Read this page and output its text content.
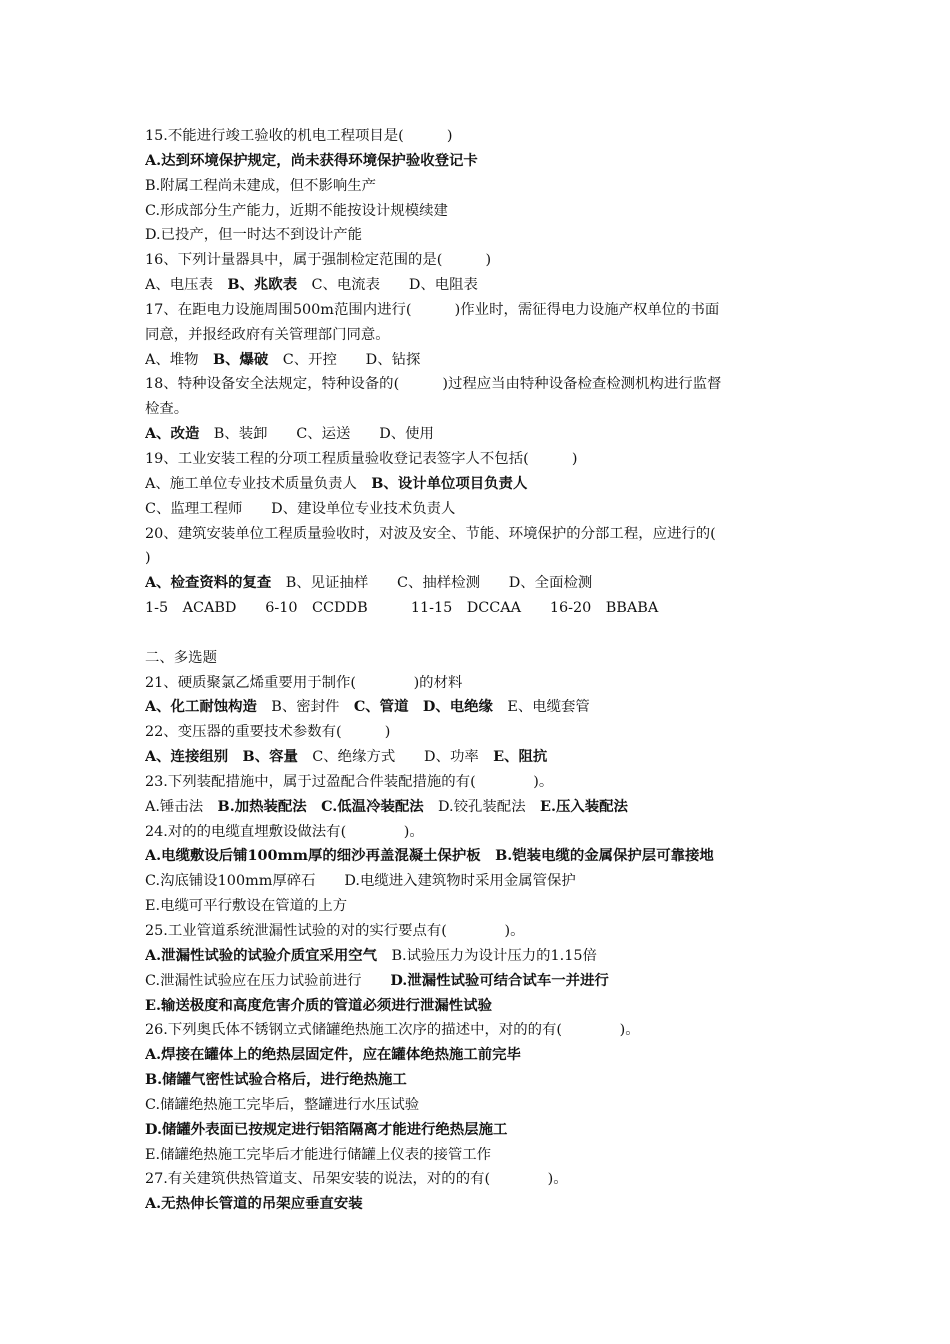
15.不能进行竣工验收的机电工程项目是(　　　)
A.达到环境保护规定，尚未获得环境保护验收登记卡
B.附属工程尚未建成，但不影响生产
C.形成部分生产能力，近期不能按设计规模续建
D.已投产，但一时达不到设计产能
16、下列计量器具中，属于强制检定范围的是(　　　)
A、电压表　B、兆欧表　C、电流表　　D、电阻表
17、在距电力设施周围500m范围内进行(　　　)作业时，需征得电力设施产权单位的书面
同意，并报经政府有关管理部门同意。
A、堆物　B、爆破　C、开控　　D、钻探
18、特种设备安全法规定，特种设备的(　　　)过程应当由特种设备检查检测机构进行监督
检查。
A、改造　B、装卸　　C、运送　　D、使用
19、工业安装工程的分项工程质量验收登记表签字人不包括(　　　)
A、施工单位专业技术质量负责人　B、设计单位项目负责人
C、监理工程师　　D、建设单位专业技术负责人
20、建筑安装单位工程质量验收时，对波及安全、节能、环境保护的分部工程，应进行的(
)
A、检查资料的复查　B、见证抽样　　C、抽样检测　　D、全面检测
1-5　ACABD　　6-10　CCDDB　　　11-15　DCCAA　　16-20　BBABA
二、多选题
21、硬质聚氯乙烯重要用于制作(　　　　)的材料
A、化工耐蚀构造　B、密封件　C、管道　 D、电绝缘　E、电缆套管
22、变压器的重要技术参数有(　　　)
A、连接组别　 B、容量　C、绝缘方式　　D、功率　E、阻抗
23.下列装配措施中，属于过盈配合件装配措施的有(　　　　)。
A.锤击法　B.加热装配法　 C.低温冷装配法　D.铰孔装配法　E.压入装配法
24.对的的电缆直埋敷设做法有(　　　　)。
A.电缆敷设后铺100mm厚的细沙再盖混凝土保护板　 B.铠装电缆的金属保护层可靠接地
C.沟底铺设100mm厚碎石　　D.电缆进入建筑物时采用金属管保护
E.电缆可平行敷设在管道的上方
25.工业管道系统泄漏性试验的对的实行要点有(　　　　)。
A.泄漏性试验的试验介质宜采用空气　B.试验压力为设计压力的1.15倍
C.泄漏性试验应在压力试验前进行　　D.泄漏性试验可结合试车一并进行
E.输送极度和高度危害介质的管道必须进行泄漏性试验
26.下列奥氏体不锈钢立式储罐绝热施工次序的描述中，对的的有(　　　　)。
A.焊接在罐体上的绝热层固定件，应在罐体绝热施工前完毕
B.储罐气密性试验合格后，进行绝热施工
C.储罐绝热施工完毕后，整罐进行水压试验
D.储罐外表面已按规定进行铝箔隔离才能进行绝热层施工
E.储罐绝热施工完毕后才能进行储罐上仪表的接管工作
27.有关建筑供热管道支、吊架安装的说法，对的的有(　　　　)。
A.无热伸长管道的吊架应垂直安装
